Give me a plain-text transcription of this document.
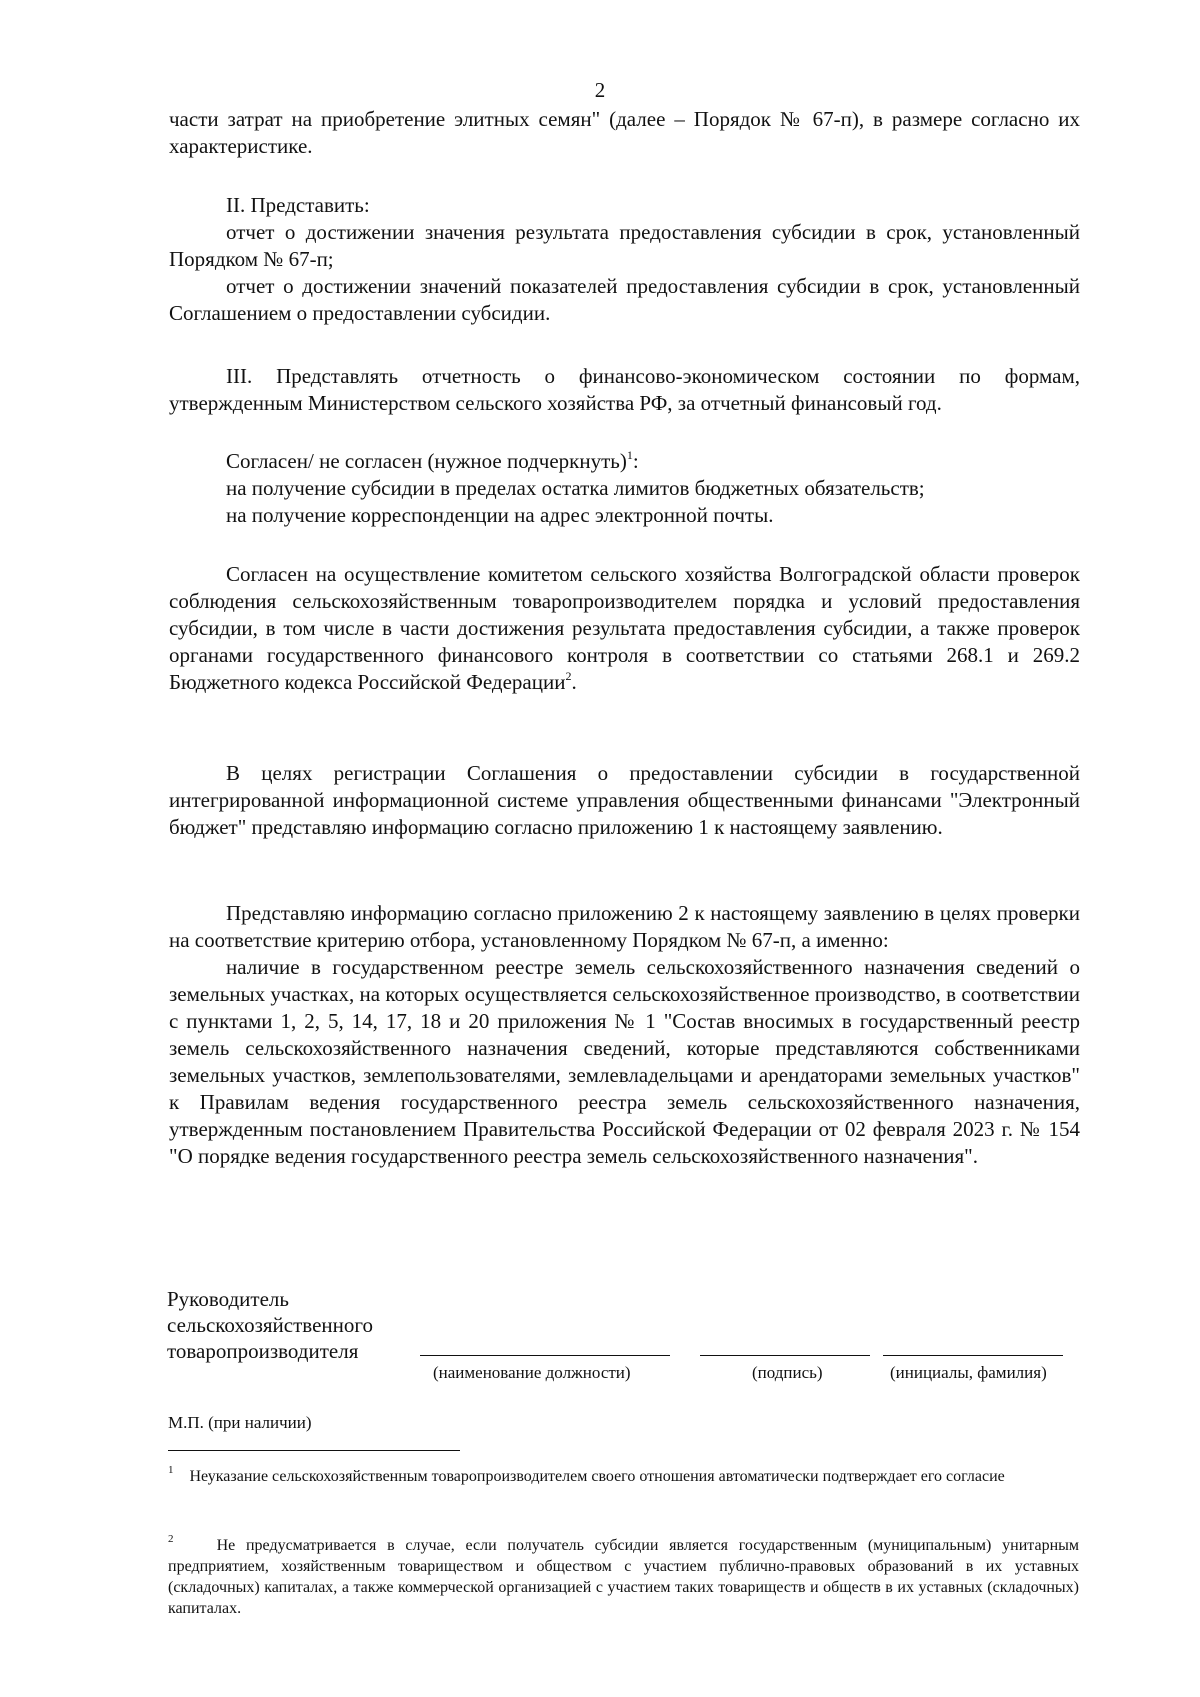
2

части затрат на приобретение элитных семян" (далее – Порядок № 67-п), в размере согласно их характеристике.

II. Представить:

отчет о достижении значения результата предоставления субсидии в срок, установленный Порядком № 67-п;

отчет о достижении значений показателей предоставления субсидии в срок, установленный Соглашением о предоставлении субсидии.

III. Представлять отчетность о финансово-экономическом состоянии по формам, утвержденным Министерством сельского хозяйства РФ, за отчетный финансовый год.

Согласен/ не согласен (нужное подчеркнуть)$^1$:

на получение субсидии в пределах остатка лимитов бюджетных обязательств;

на получение корреспонденции на адрес электронной почты.

Согласен на осуществление комитетом сельского хозяйства Волгоградской области проверок соблюдения сельскохозяйственным товаропроизводителем порядка и условий предоставления субсидии, в том числе в части достижения результата предоставления субсидии, а также проверок органами государственного финансового контроля в соответствии со статьями 268.1 и 269.2 Бюджетного кодекса Российской Федерации$^2$.

В целях регистрации Соглашения о предоставлении субсидии в государственной интегрированной информационной системе управления общественными финансами "Электронный бюджет" представляю информацию согласно приложению 1 к настоящему заявлению.

Представляю информацию согласно приложению 2 к настоящему заявлению в целях проверки на соответствие критерию отбора, установленному Порядком № 67-п, а именно:

наличие в государственном реестре земель сельскохозяйственного назначения сведений о земельных участках, на которых осуществляется сельскохозяйственное производство, в соответствии с пунктами 1, 2, 5, 14, 17, 18 и 20 приложения № 1 "Состав вносимых в государственный реестр земель сельскохозяйственного назначения сведений, которые представляются собственниками земельных участков, землепользователями, землевладельцами и арендаторами земельных участков" к Правилам ведения государственного реестра земель сельскохозяйственного назначения, утвержденным постановлением Правительства Российской Федерации от 02 февраля 2023 г. № 154 "О порядке ведения государственного реестра земель сельскохозяйственного назначения".

Руководитель
сельскохозяйственного
товаропроизводителя
(наименование должности)	(подпись)	(инициалы, фамилия)
М.П. (при наличии)

$^1$ Неуказание сельскохозяйственным товаропроизводителем своего отношения автоматически подтверждает его согласие

$^2$	Не предусматривается в случае, если получатель субсидии является государственным (муниципальным) унитарным предприятием, хозяйственным товариществом и обществом с участием публично-правовых образований в их уставных (складочных) капиталах, а также коммерческой организацией с участием таких товариществ и обществ в их уставных (складочных) капиталах.
